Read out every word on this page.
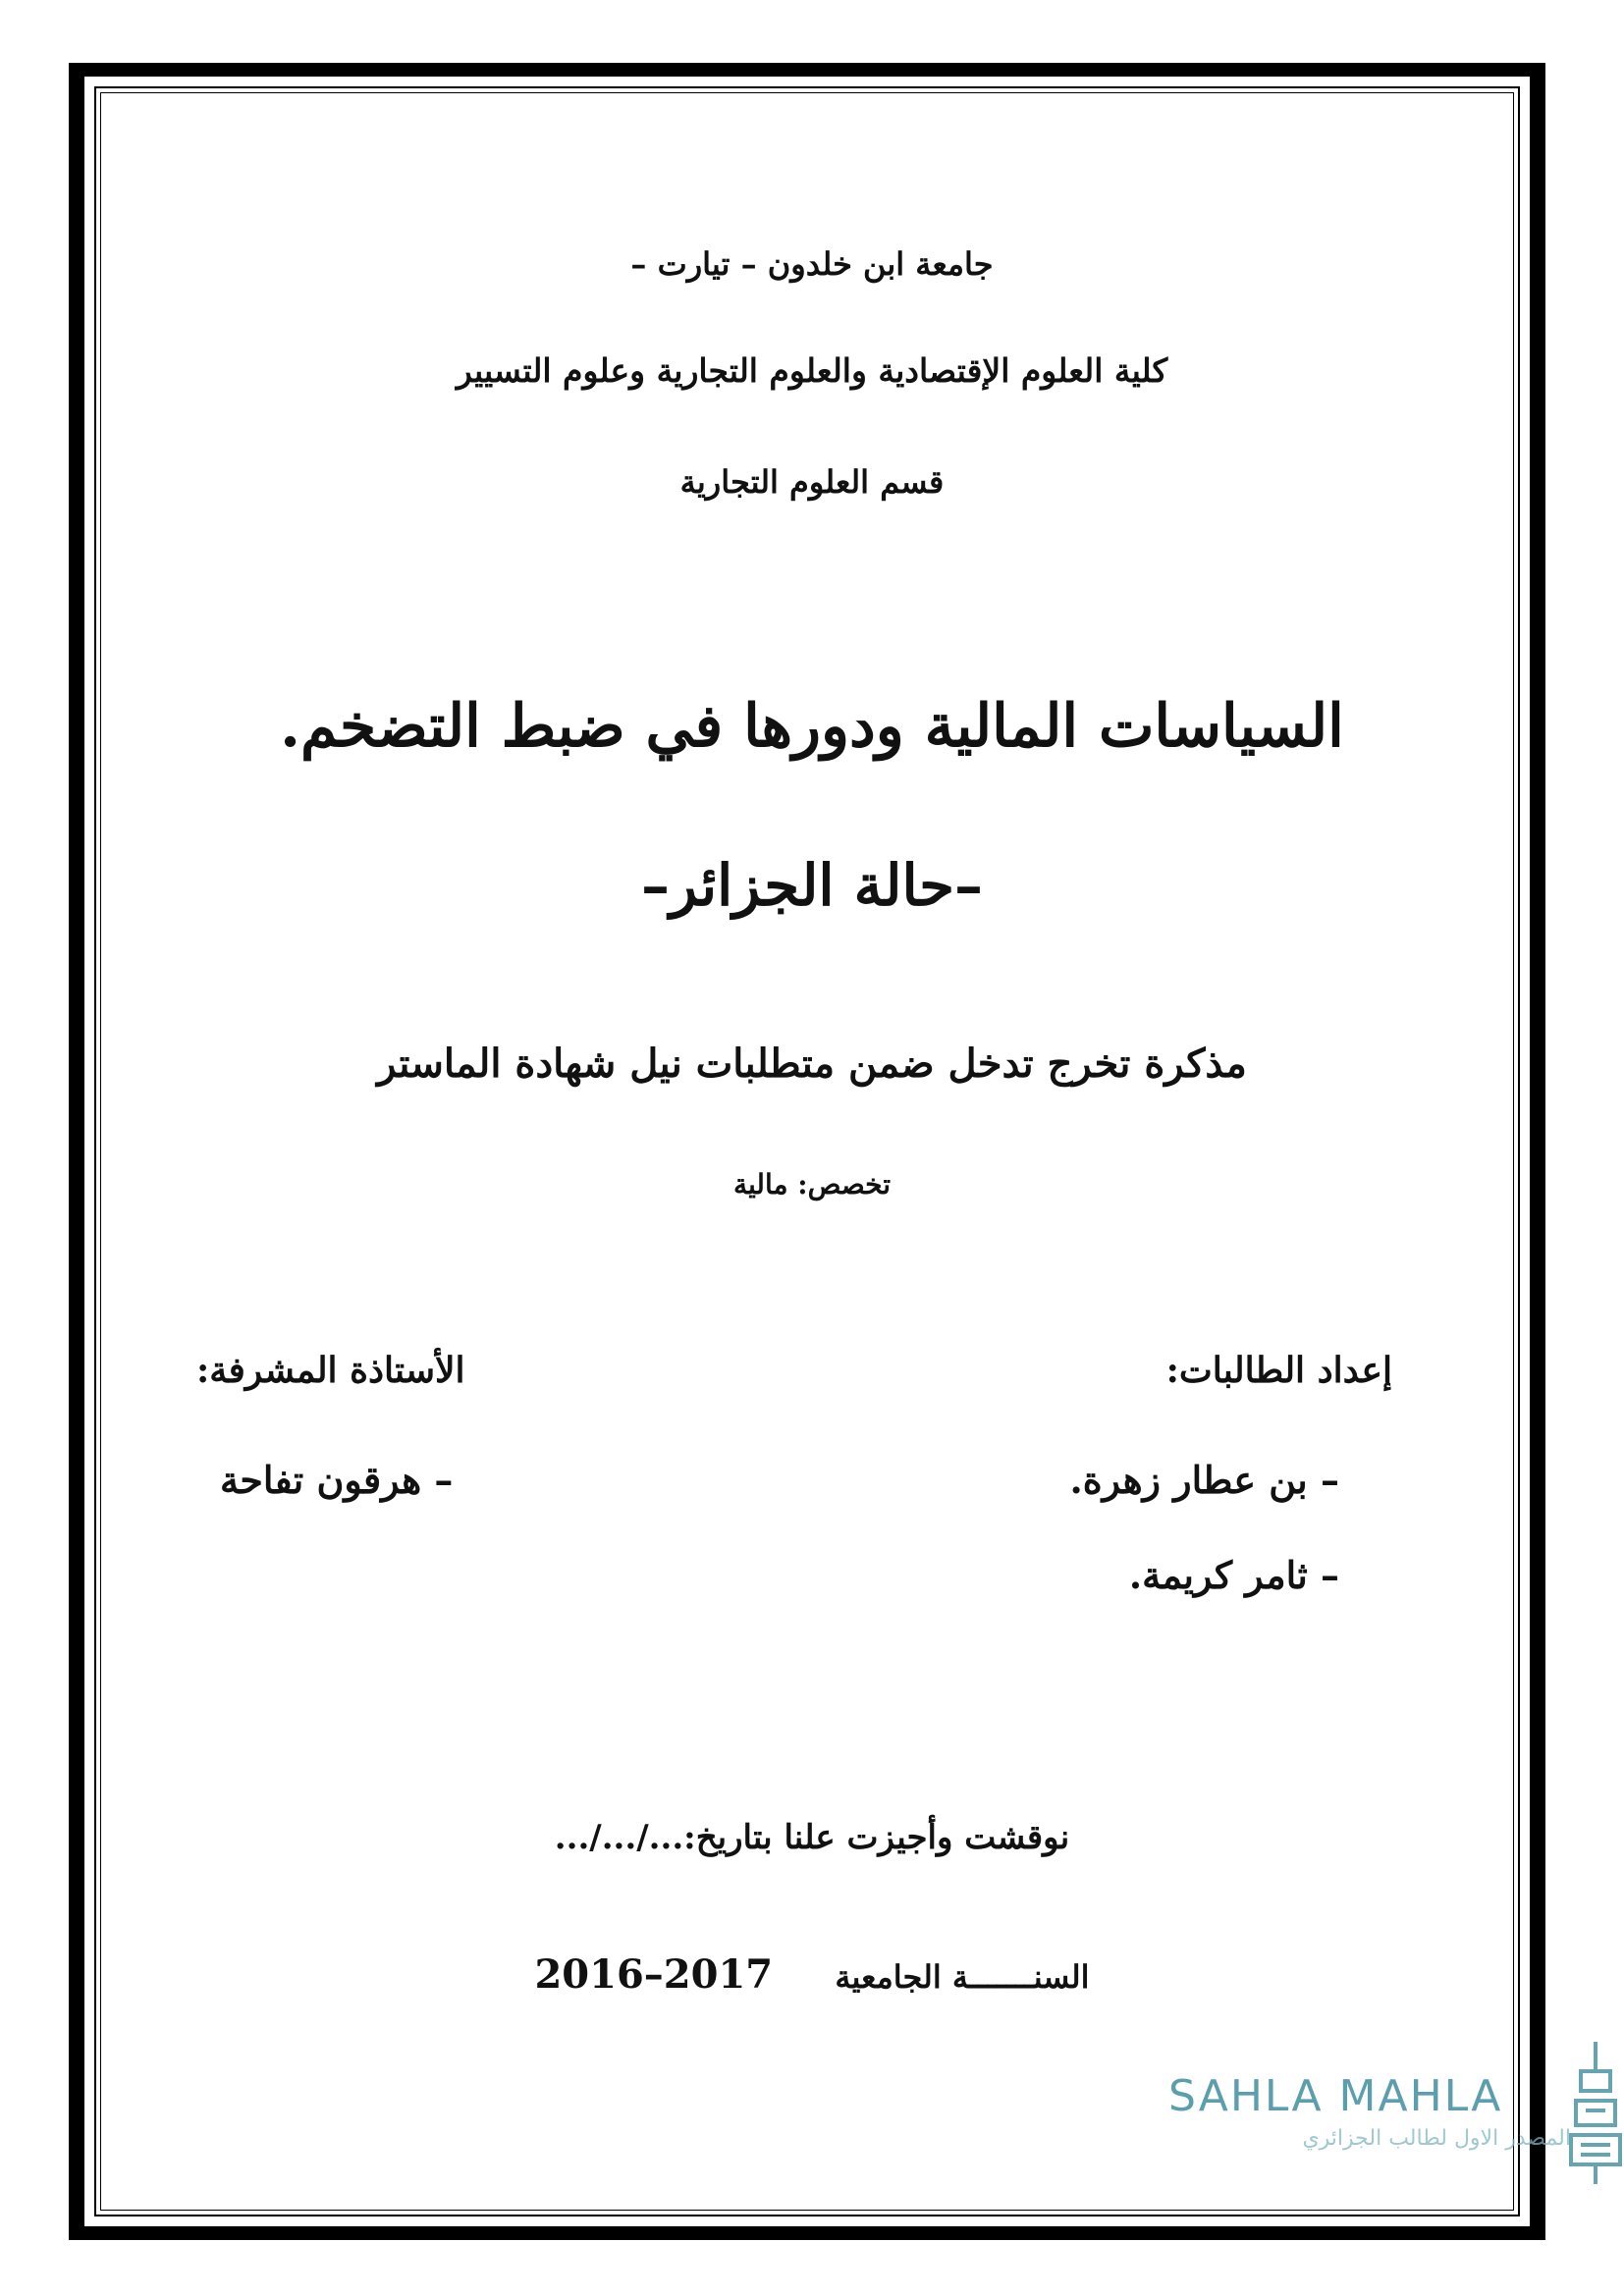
جامعة ابن خلدون – تيارت –
كلية العلوم الإقتصادية والعلوم التجارية وعلوم التسيير
قسم العلوم التجارية
السياسات المالية ودورها في ضبط التضخم.
–حالة الجزائر–
مذكرة تخرج تدخل ضمن متطلبات نيل شهادة الماستر
تخصص: مالية
إعداد الطالبات:
الأستاذة المشرفة:
– بن عطار زهرة.
– ثامر كريمة.
– هرقون تفاحة
نوقشت وأجيزت علنا بتاريخ:.../.../...
السنـــــــة الجامعية 2016–2017
SAHLA MAHLA
المصدر الاول لطالب الجزائري
